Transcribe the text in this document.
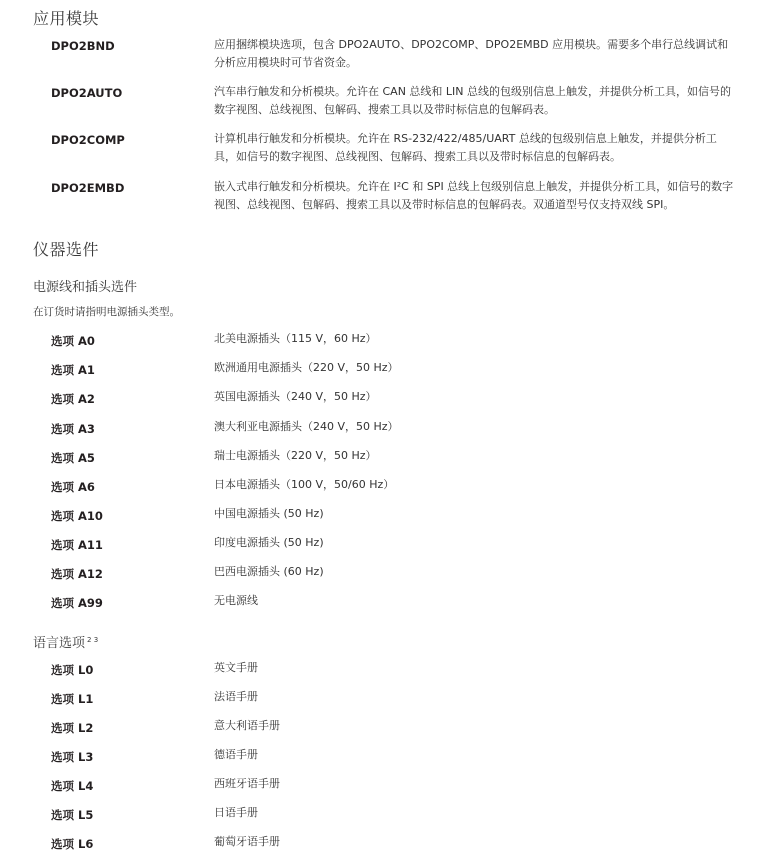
应用模块
DPO2BND	应用捆绑模块选项，包含 DPO2AUTO、DPO2COMP、DPO2EMBD 应用模块。需要多个串行总线调试和分析应用模块时可节省资金。
DPO2AUTO	汽车串行触发和分析模块。允许在 CAN 总线和 LIN 总线的包级别信息上触发，并提供分析工具，如信号的数字视图、总线视图、包解码、搜索工具以及带时标信息的包解码表。
DPO2COMP	计算机串行触发和分析模块。允许在 RS-232/422/485/UART 总线的包级别信息上触发，并提供分析工具，如信号的数字视图、总线视图、包解码、搜索工具以及带时标信息的包解码表。
DPO2EMBD	嵌入式串行触发和分析模块。允许在 I²C 和 SPI 总线上包级别信息上触发，并提供分析工具，如信号的数字视图、总线视图、包解码、搜索工具以及带时标信息的包解码表。双通道型号仅支持双线 SPI。
仪器选件
电源线和插头选件
在订货时请指明电源插头类型。
选项 A0	北美电源插头（115 V，60 Hz）
选项 A1	欧洲通用电源插头（220 V，50 Hz）
选项 A2	英国电源插头（240 V，50 Hz）
选项 A3	澳大利亚电源插头（240 V，50 Hz）
选项 A5	瑞士电源插头（220 V，50 Hz）
选项 A6	日本电源插头（100 V，50/60 Hz）
选项 A10	中国电源插头 (50 Hz)
选项 A11	印度电源插头 (50 Hz)
选项 A12	巴西电源插头 (60 Hz)
选项 A99	无电源线
语言选项 $^{2 3}$
选项 L0	英文手册
选项 L1	法语手册
选项 L2	意大利语手册
选项 L3	德语手册
选项 L4	西班牙语手册
选项 L5	日语手册
选项 L6	葡萄牙语手册
